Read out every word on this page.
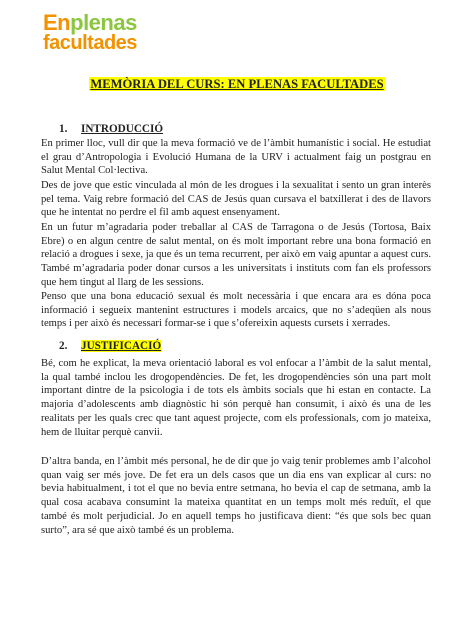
Enplenas
facultades
MEMÒRIA DEL CURS: EN PLENAS FACULTADES
1. INTRODUCCIÓ
En primer lloc, vull dir que la meva formació ve de l’àmbit humanístic i social. He estudiat el grau d’Antropologia i Evolució Humana de la URV i actualment faig un postgrau en Salut Mental Col·lectiva.
Des de jove que estic vinculada al món de les drogues i la sexualitat i sento un gran interès pel tema. Vaig rebre formació del CAS de Jesús quan cursava el batxillerat i des de llavors que he intentat no perdre el fil amb aquest ensenyament.
En un futur m’agradaria poder treballar al CAS de Tarragona o de Jesús (Tortosa, Baix Ebre) o en algun centre de salut mental, on és molt important rebre una bona formació en relació a drogues i sexe, ja que és un tema recurrent, per això em vaig apuntar a aquest curs. També m’agradaria poder donar cursos a les universitats i instituts com fan els professors que hem tingut al llarg de les sessions.
Penso que una bona educació sexual és molt necessària i que encara ara es dóna poca informació i segueix mantenint estructures i models arcaics, que no s’adeqüen als nous temps i per això és necessari formar-se i que s’ofereixin aquests cursets i xerrades.
2. JUSTIFICACIÓ
Bé, com he explicat, la meva orientació laboral es vol enfocar a l’àmbit de la salut mental, la qual també inclou les drogopendències. De fet, les drogopendències són una part molt important dintre de la psicologia i de tots els àmbits socials que hi estan en contacte. La majoria d’adolescents amb diagnòstic hi són perquè han consumit, i això és una de les realitats per les quals crec que tant aquest projecte, com els professionals, com jo mateixa, hem de lluitar perquè canvii.
D’altra banda, en l’àmbit més personal, he de dir que jo vaig tenir problemes amb l’alcohol quan vaig ser més jove. De fet era un dels casos que un dia ens van explicar al curs: no bevia habitualment, i tot el que no bevia entre setmana, ho bevia el cap de setmana, amb la qual cosa acabava consumint la mateixa quantitat en un temps molt més reduït, el que també és molt perjudicial. Jo en aquell temps ho justificava dient: “és que sols bec quan surto”, ara sé que això també és un problema.
